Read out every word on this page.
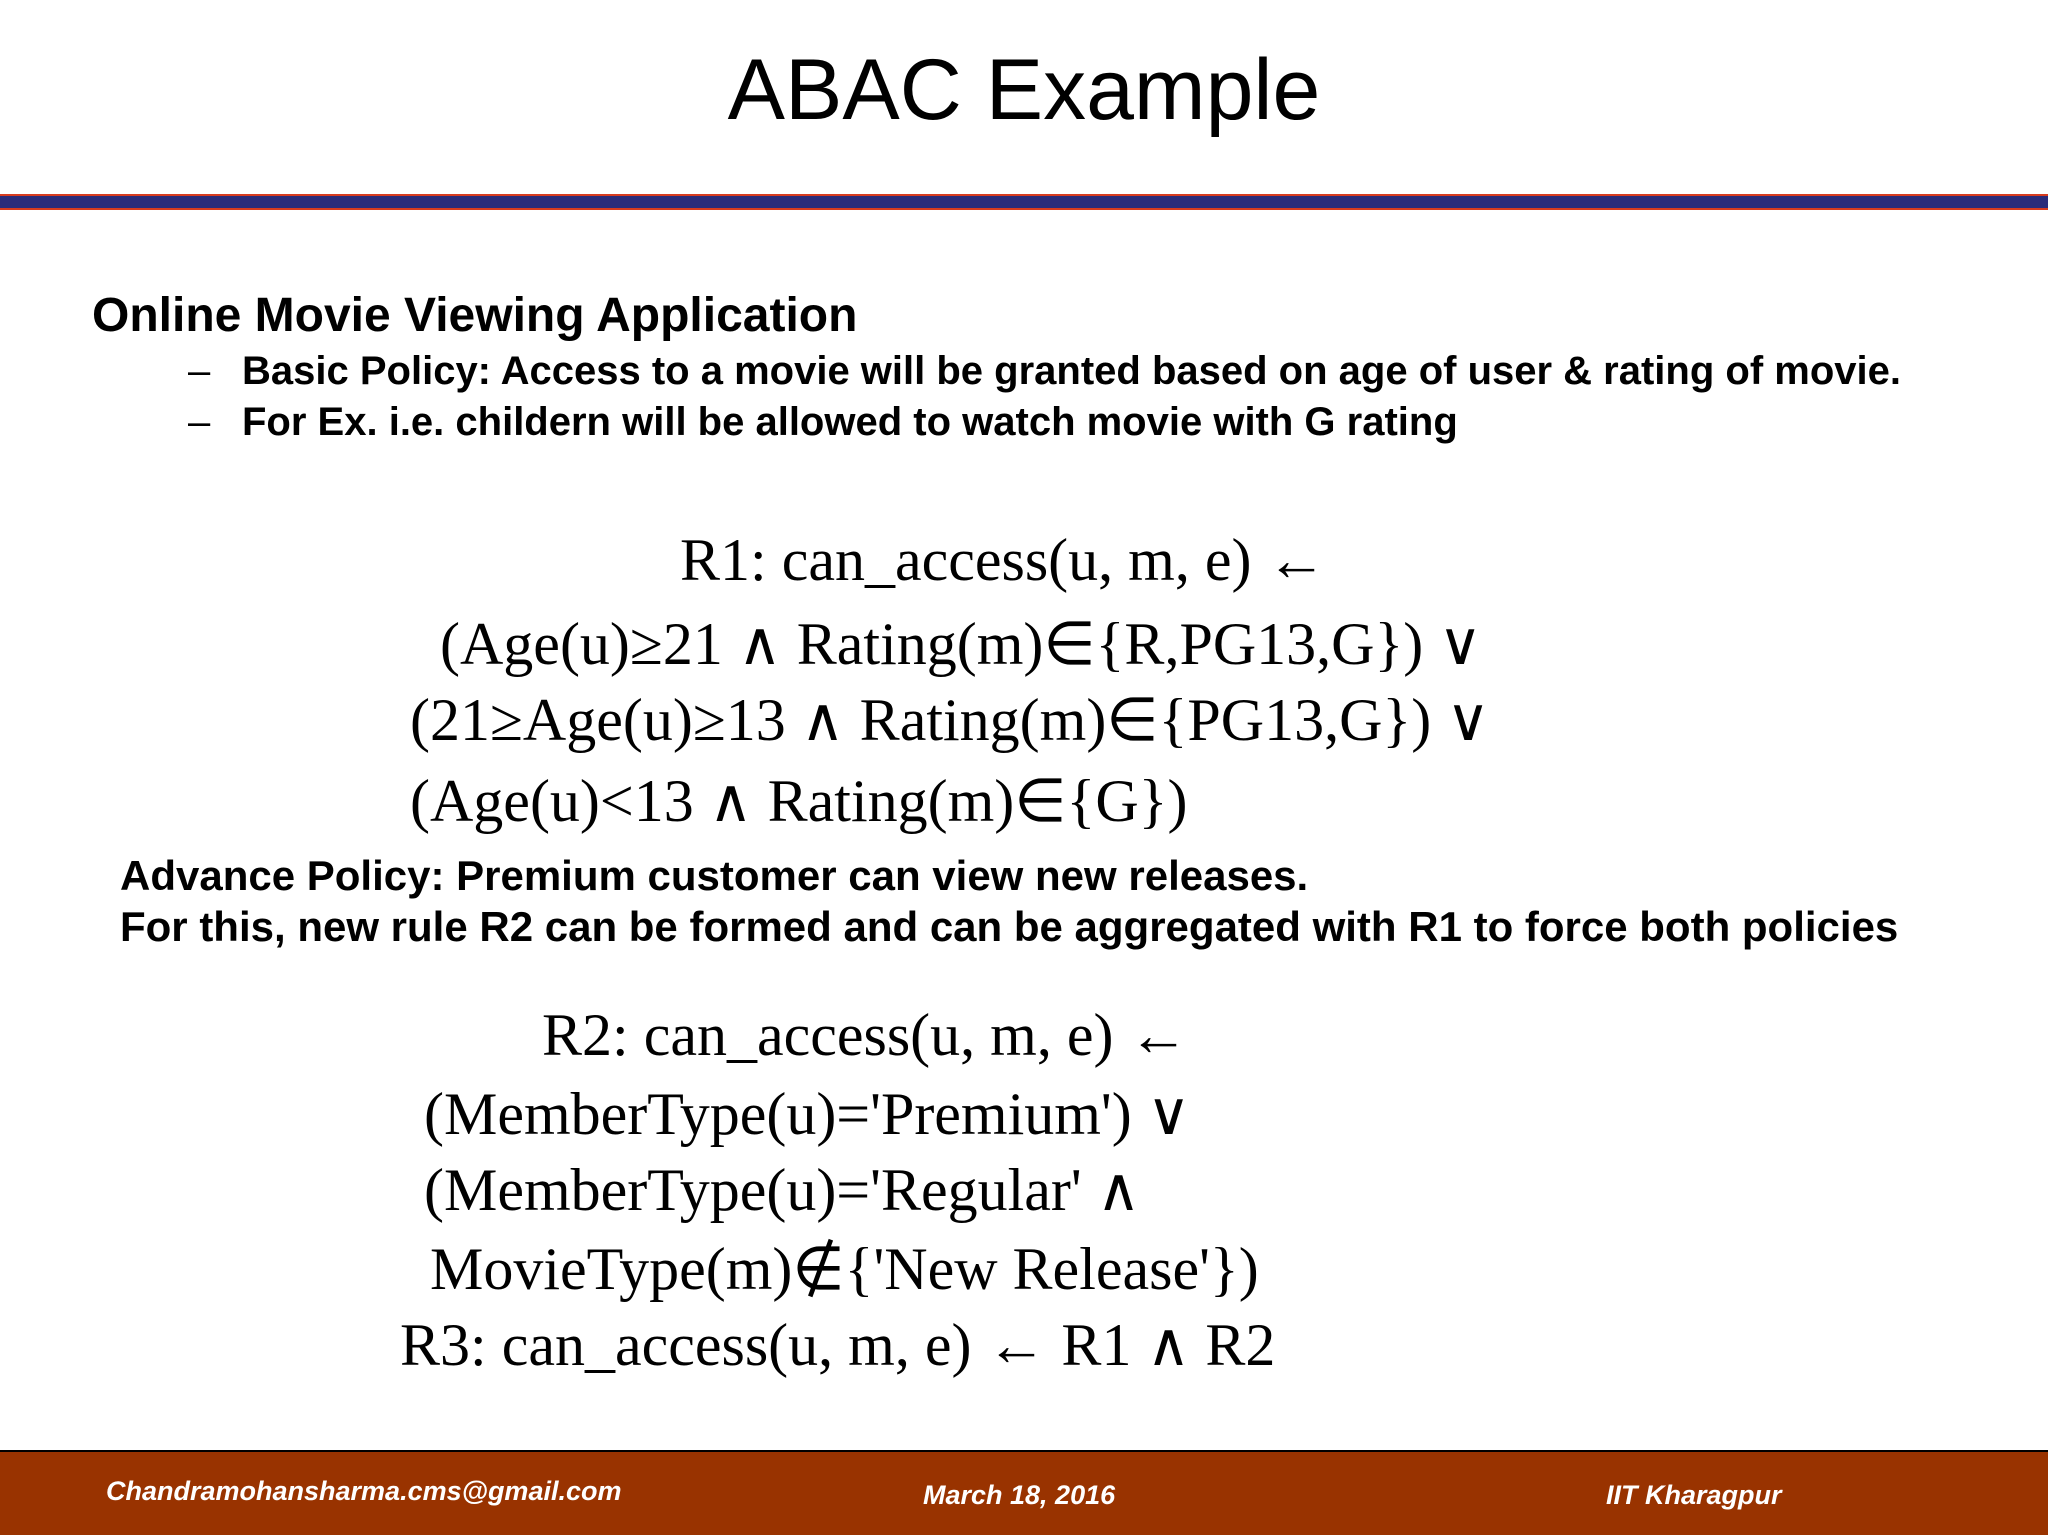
ABAC Example
Online Movie Viewing Application
– Basic Policy: Access to a movie will be granted based on age of user & rating of movie.
– For Ex. i.e. childern will be allowed to watch movie with G rating
R1: can_access(u, m, e) ←
(Age(u)≥21 ∧ Rating(m)∈{R,PG13,G}) ∨
(21≥Age(u)≥13 ∧ Rating(m)∈{PG13,G}) ∨
(Age(u)<13 ∧ Rating(m)∈{G})
Advance Policy: Premium customer can view new releases.
For this, new rule R2 can be formed and can be aggregated with R1 to force both policies
R2: can_access(u, m, e) ←
(MemberType(u)='Premium') ∨
(MemberType(u)='Regular' ∧
MovieType(m)∉{'New Release'})
R3: can_access(u, m, e) ← R1 ∧ R2
Chandramohansharma.cms@gmail.com	March 18, 2016	IIT Kharagpur
